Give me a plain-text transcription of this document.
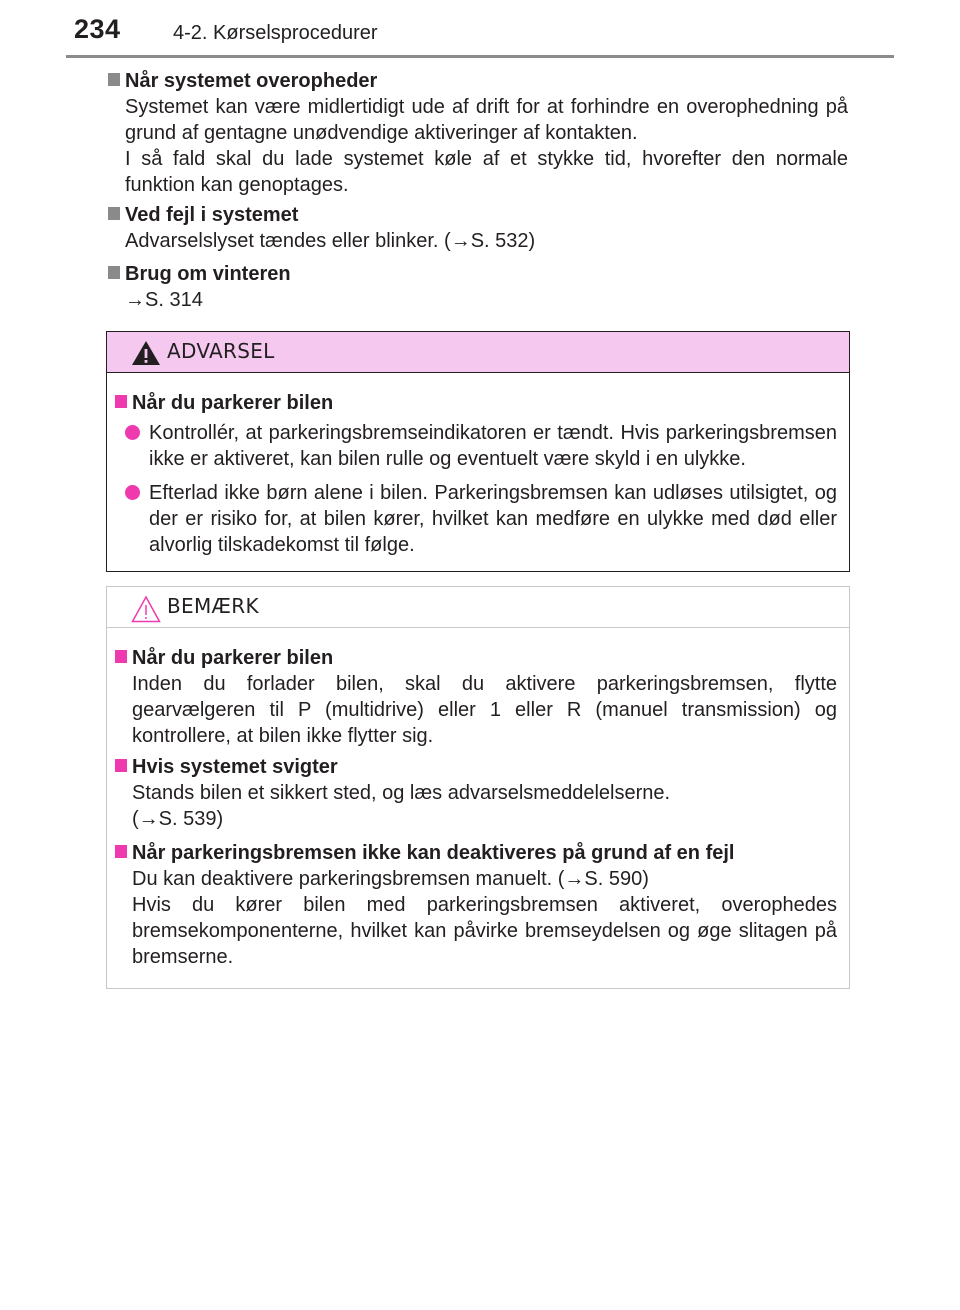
234	4-2. Kørselsprocedurer
Når systemet overopheder

Systemet kan være midlertidigt ude af drift for at forhindre en overophedning på grund af gentagne unødvendige aktiveringer af kontakten.

I så fald skal du lade systemet køle af et stykke tid, hvorefter den normale funktion kan genoptages.

Ved fejl i systemet

Advarselslyset tændes eller blinker. (→S. 532)

Brug om vinteren

→S. 314

ADVARSEL
Når du parkerer bilen

Kontrollér, at parkeringsbremseindikatoren er tændt. Hvis parkeringsbremsen ikke er aktiveret, kan bilen rulle og eventuelt være skyld i en ulykke.

Efterlad ikke børn alene i bilen. Parkeringsbremsen kan udløses utilsigtet, og der er risiko for, at bilen kører, hvilket kan medføre en ulykke med død eller alvorlig tilskadekomst til følge.

BEMÆRK
Når du parkerer bilen

Inden du forlader bilen, skal du aktivere parkeringsbremsen, flytte gearvælgeren til P (multidrive) eller 1 eller R (manuel transmission) og kontrollere, at bilen ikke flytter sig.

Hvis systemet svigter

Stands bilen et sikkert sted, og læs advarselsmeddelelserne.

(→S. 539)

Når parkeringsbremsen ikke kan deaktiveres på grund af en fejl

Du kan deaktivere parkeringsbremsen manuelt. (→S. 590)

Hvis du kører bilen med parkeringsbremsen aktiveret, overophedes bremsekomponenterne, hvilket kan påvirke bremseydelsen og øge slitagen på bremserne.
